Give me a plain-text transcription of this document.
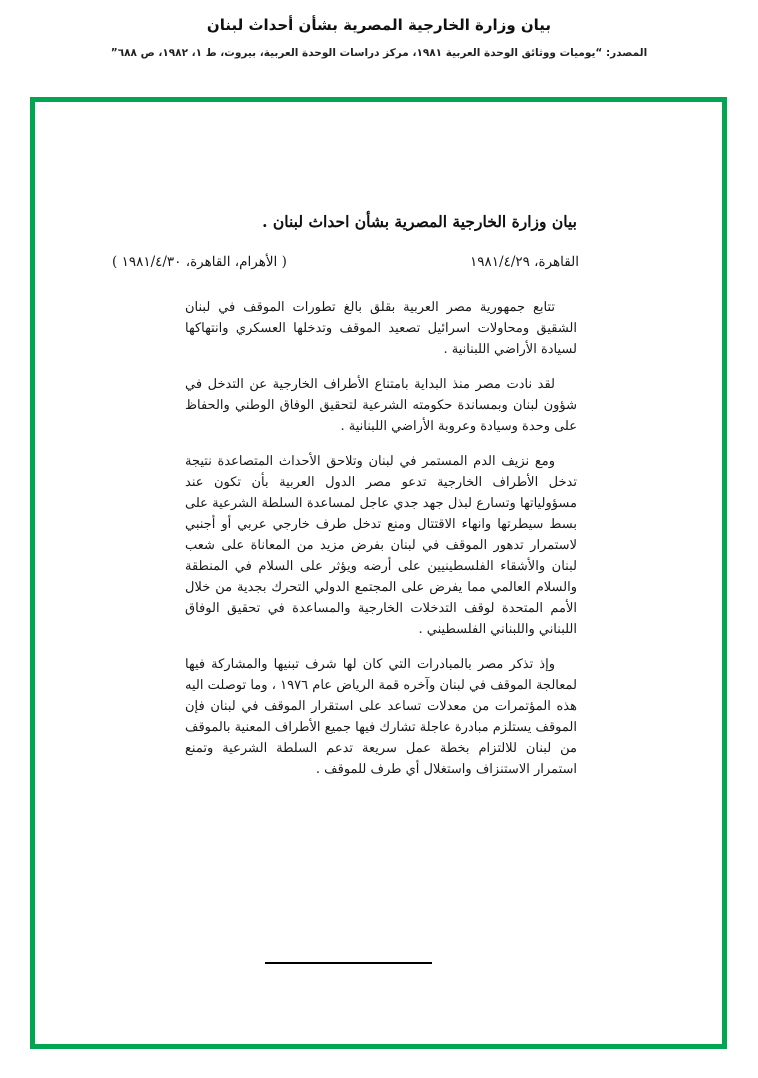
بيان وزارة الخارجية المصرية بشأن أحداث لبنان
المصدر: “يوميات ووثائق الوحدة العربية ١٩٨١، مركز دراسات الوحدة العربية، بيروت، ط ١، ١٩٨٢، ص ٦٨٨”
بيان وزارة الخارجية المصرية بشأن احداث لبنان .
القاهرة، ١٩٨١/٤/٢٩
( الأهرام، القاهرة، ١٩٨١/٤/٣٠ )

تتابع جمهورية مصر العربية بقلق بالغ تطورات الموقف في لبنان الشقيق ومحاولات اسرائيل تصعيد الموقف وتدخلها العسكري وانتهاكها لسيادة الأراضي اللبنانية .

لقد نادت مصر منذ البداية بامتناع الأطراف الخارجية عن التدخل في شؤون لبنان وبمساندة حكومته الشرعية لتحقيق الوفاق الوطني والحفاظ على وحدة وسيادة وعروبة الأراضي اللبنانية .

ومع نزيف الدم المستمر في لبنان وتلاحق الأحداث المتصاعدة نتيجة تدخل الأطراف الخارجية تدعو مصر الدول العربية بأن تكون عند مسؤولياتها وتسارع لبذل جهد جدي عاجل لمساعدة السلطة الشرعية على بسط سيطرتها وانهاء الاقتتال ومنع تدخل طرف خارجي عربي أو أجنبي لاستمرار تدهور الموقف في لبنان بفرض مزيد من المعاناة على شعب لبنان والأشقاء الفلسطينيين على أرضه ويؤثر على السلام في المنطقة والسلام العالمي مما يفرض على المجتمع الدولي التحرك بجدية من خلال الأمم المتحدة لوقف التدخلات الخارجية والمساعدة في تحقيق الوفاق اللبناني واللبناني الفلسطيني .

وإذ تذكر مصر بالمبادرات التي كان لها شرف تبنيها والمشاركة فيها لمعالجة الموقف في لبنان وآخره قمة الرياض عام ١٩٧٦ ، وما توصلت اليه هذه المؤتمرات من معدلات تساعد على استقرار الموقف في لبنان فإن الموقف يستلزم مبادرة عاجلة تشارك فيها جميع الأطراف المعنية بالموقف من لبنان للالتزام بخطة عمل سريعة تدعم السلطة الشرعية وتمنع استمرار الاستنزاف واستغلال أي طرف للموقف .
